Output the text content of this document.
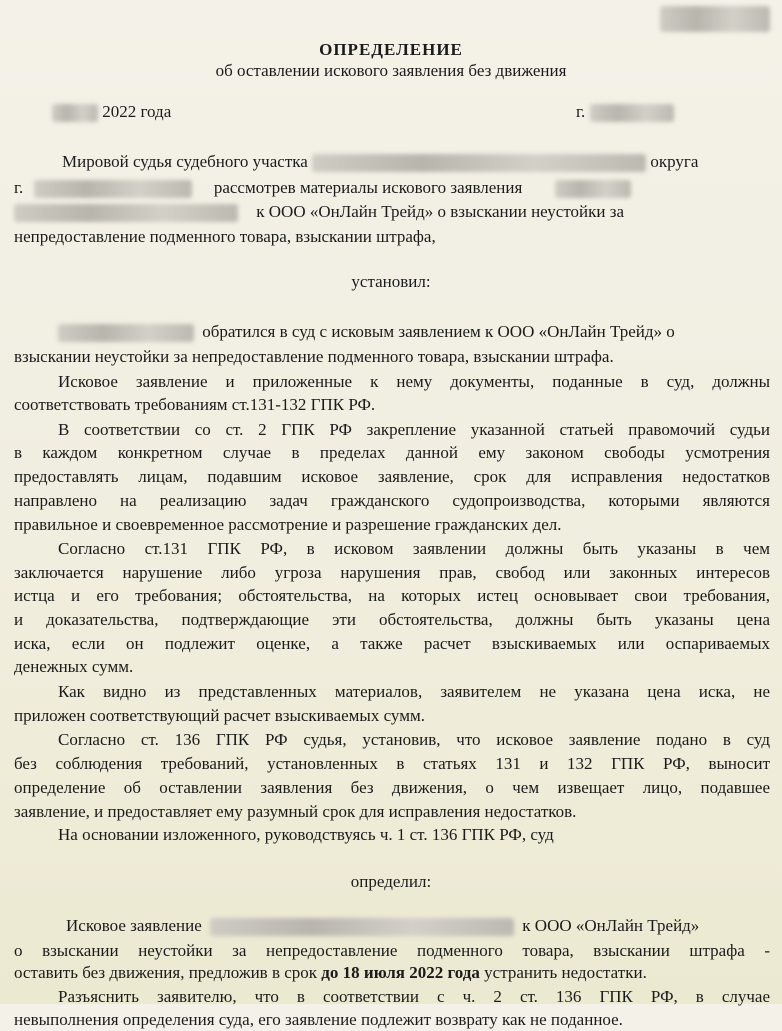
ОПРЕДЕЛЕНИЕ
об оставлении искового заявления без движения
2022 года	г.
Мировой судья судебного участка	округа
г.	рассмотрев материалы искового заявления
к ООО «ОнЛайн Трейд» о взыскании неустойки за
непредоставление подменного товара, взыскании штрафа,
установил:
обратился в суд с исковым заявлением к ООО «ОнЛайн Трейд» о
взыскании неустойки за непредоставление подменного товара, взыскании штрафа.
Исковое заявление и приложенные к нему документы, поданные в суд, должны
соответствовать требованиям ст.131-132 ГПК РФ.
В соответствии со ст. 2 ГПК РФ закрепление указанной статьей правомочий судьи
в каждом конкретном случае в пределах данной ему законом свободы усмотрения
предоставлять лицам, подавшим исковое заявление, срок для исправления недостатков
направлено на реализацию задач гражданского судопроизводства, которыми являются
правильное и своевременное рассмотрение и разрешение гражданских дел.
Согласно ст.131 ГПК РФ, в исковом заявлении должны быть указаны в чем
заключается нарушение либо угроза нарушения прав, свобод или законных интересов
истца и его требования; обстоятельства, на которых истец основывает свои требования,
и доказательства, подтверждающие эти обстоятельства, должны быть указаны цена
иска, если он подлежит оценке, а также расчет взыскиваемых или оспариваемых
денежных сумм.
Как видно из представленных материалов, заявителем не указана цена иска, не
приложен соответствующий расчет взыскиваемых сумм.
Согласно ст. 136 ГПК РФ судья, установив, что исковое заявление подано в суд
без соблюдения требований, установленных в статьях 131 и 132 ГПК РФ, выносит
определение об оставлении заявления без движения, о чем извещает лицо, подавшее
заявление, и предоставляет ему разумный срок для исправления недостатков.
На основании изложенного, руководствуясь ч. 1 ст. 136 ГПК РФ, суд
определил:
Исковое заявление	к ООО «ОнЛайн Трейд»
о взыскании неустойки за непредоставление подменного товара, взыскании штрафа -
оставить без движения, предложив в срок до 18 июля 2022 года устранить недостатки.
Разъяснить заявителю, что в соответствии с ч. 2 ст. 136 ГПК РФ, в случае
невыполнения определения суда, его заявление подлежит возврату как не поданное.
